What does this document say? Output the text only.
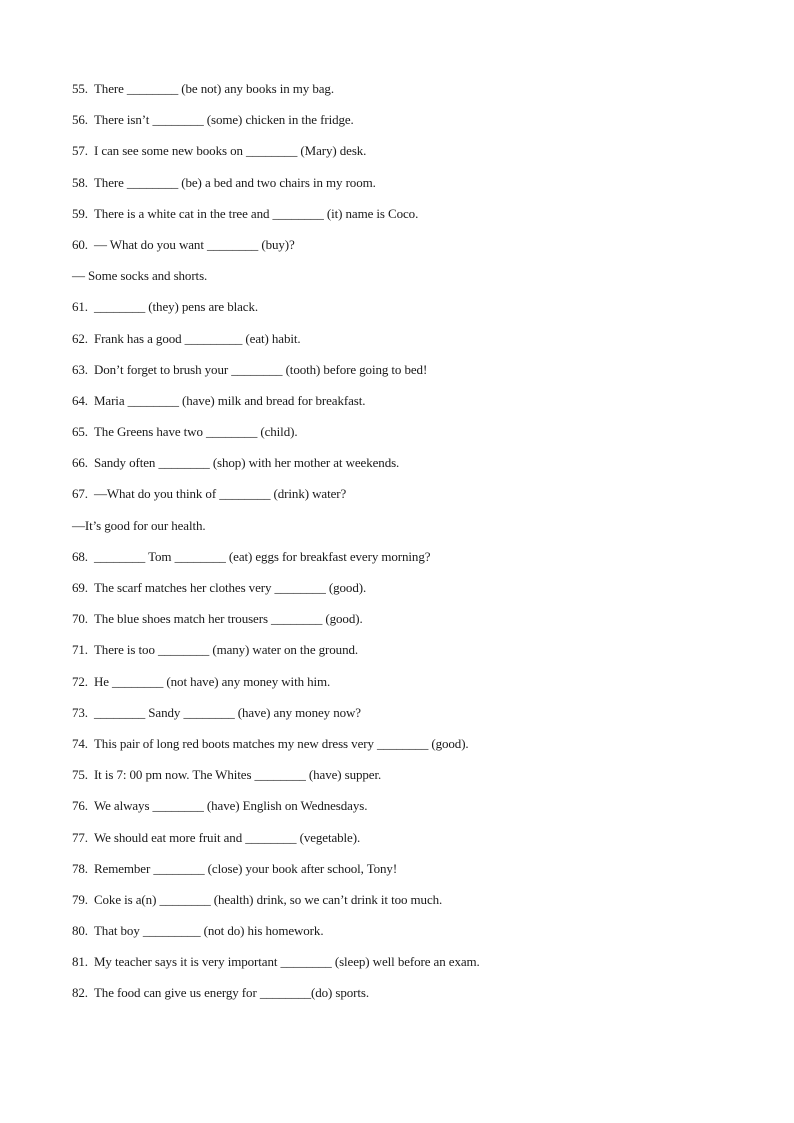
55. There ________ (be not) any books in my bag.
56. There isn’t ________ (some) chicken in the fridge.
57. I can see some new books on ________ (Mary) desk.
58. There ________ (be) a bed and two chairs in my room.
59. There is a white cat in the tree and ________ (it) name is Coco.
60. — What do you want ________ (buy)?
— Some socks and shorts.
61. ________ (they) pens are black.
62. Frank has a good _________ (eat) habit.
63. Don’t forget to brush your ________ (tooth) before going to bed!
64. Maria ________ (have) milk and bread for breakfast.
65. The Greens have two ________ (child).
66. Sandy often ________ (shop) with her mother at weekends.
67. —What do you think of ________ (drink) water?
—It’s good for our health.
68. ________ Tom ________ (eat) eggs for breakfast every morning?
69. The scarf matches her clothes very ________ (good).
70. The blue shoes match her trousers ________ (good).
71. There is too ________ (many) water on the ground.
72. He ________ (not have) any money with him.
73. ________ Sandy ________ (have) any money now?
74. This pair of long red boots matches my new dress very ________ (good).
75. It is 7: 00 pm now. The Whites ________ (have) supper.
76. We always ________ (have) English on Wednesdays.
77. We should eat more fruit and ________ (vegetable).
78. Remember ________ (close) your book after school, Tony!
79. Coke is a(n) ________ (health) drink, so we can’t drink it too much.
80. That boy _________ (not do) his homework.
81. My teacher says it is very important ________ (sleep) well before an exam.
82. The food can give us energy for ________(do) sports.
